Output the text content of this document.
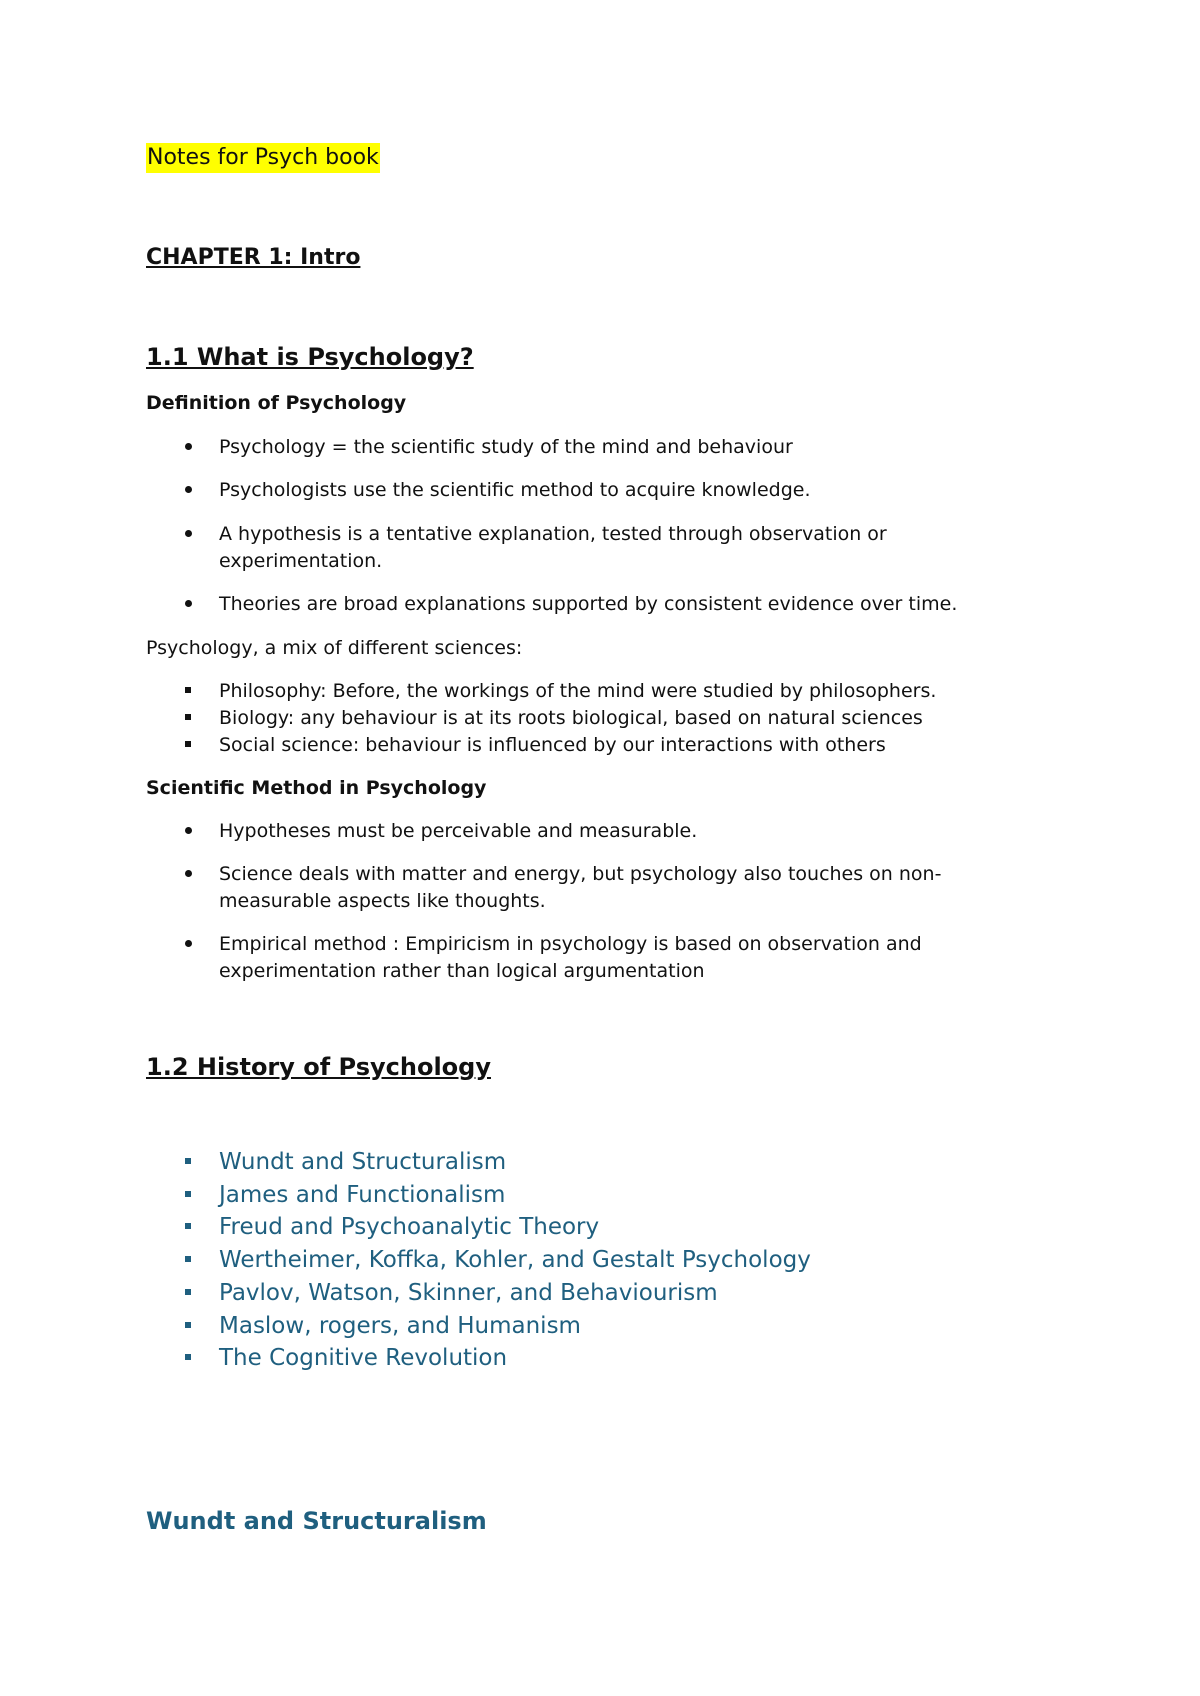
Notes for Psych book
CHAPTER 1: Intro
1.1 What is Psychology?
Definition of Psychology
Psychology = the scientific study of the mind and behaviour
Psychologists use the scientific method to acquire knowledge.
A hypothesis is a tentative explanation, tested through observation or
experimentation.
Theories are broad explanations supported by consistent evidence over time.
Psychology, a mix of different sciences:
Philosophy: Before, the workings of the mind were studied by philosophers.
Biology: any behaviour is at its roots biological, based on natural sciences
Social science: behaviour is influenced by our interactions with others
Scientific Method in Psychology
Hypotheses must be perceivable and measurable.
Science deals with matter and energy, but psychology also touches on non-
measurable aspects like thoughts.
Empirical method : Empiricism in psychology is based on observation and
experimentation rather than logical argumentation
1.2 History of Psychology
Wundt and Structuralism
James and Functionalism
Freud and Psychoanalytic Theory
Wertheimer, Koffka, Kohler, and Gestalt Psychology
Pavlov, Watson, Skinner, and Behaviourism
Maslow, rogers, and Humanism
The Cognitive Revolution
Wundt and Structuralism
